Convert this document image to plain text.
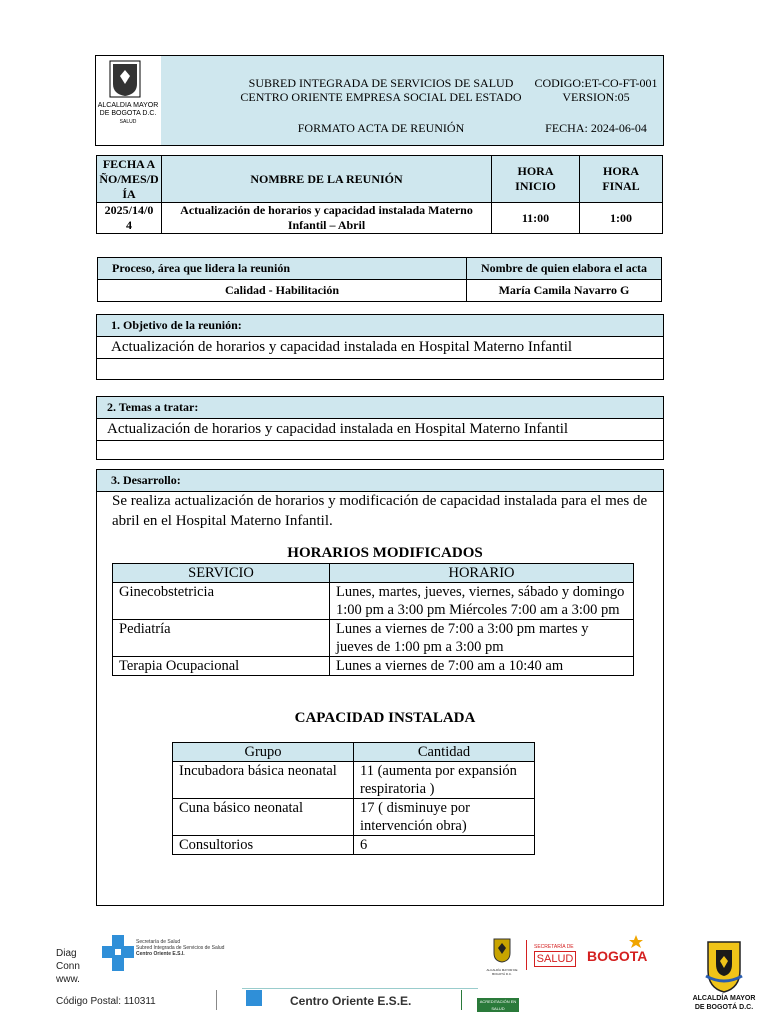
ALCALDIA MAYOR
DE BOGOTA D.C.
SALUD
SUBRED INTEGRADA DE SERVICIOS DE SALUD
CENTRO ORIENTE EMPRESA SOCIAL DEL ESTADO
CODIGO:ET-CO-FT-001
VERSION:05
FORMATO ACTA DE REUNIÓN	FECHA: 2024-06-04
FECHA AÑO/MES/DÍA	NOMBRE DE LA REUNIÓN	HORA INICIO	HORA FINAL
2025/14/04	Actualización de horarios y capacidad instalada Materno Infantil – Abril	11:00	1:00
Proceso, área que lidera la reunión	Nombre de quien elabora el acta
Calidad - Habilitación	María Camila Navarro G
1. Objetivo de la reunión:
Actualización de horarios y capacidad instalada en Hospital Materno Infantil
2. Temas a tratar:
Actualización de horarios y capacidad instalada en Hospital Materno Infantil
3. Desarrollo:
Se realiza actualización de horarios y modificación de capacidad instalada para el mes de abril en el Hospital Materno Infantil.
HORARIOS MODIFICADOS
SERVICIO	HORARIO
Ginecobstetricia	Lunes, martes, jueves, viernes, sábado y domingo 1:00 pm a 3:00 pm Miércoles 7:00 am a 3:00 pm
Pediatría	Lunes a viernes de 7:00 a 3:00 pm martes y jueves de 1:00 pm a 3:00 pm
Terapia Ocupacional	Lunes a viernes de 7:00 am a 10:40 am
CAPACIDAD INSTALADA
Grupo	Cantidad
Incubadora básica neonatal	11 (aumenta por expansión respiratoria )
Cuna básico neonatal	17 ( disminuye por intervención obra)
Consultorios	6
Diag
Conn
www.
Código Postal: 110311
Secretaría de Salud
Subred Integrada de Servicios de Salud
Centro Oriente E.S.I.
Centro Oriente E.S.E.	ACREDITACIÓN EN SALUD
ALCALDÍA MAYOR DE BOGOTÁ D.C.
SECRETARÍA DE
SALUD BOGOTA
ALCALDÍA MAYOR
DE BOGOTÁ D.C.
